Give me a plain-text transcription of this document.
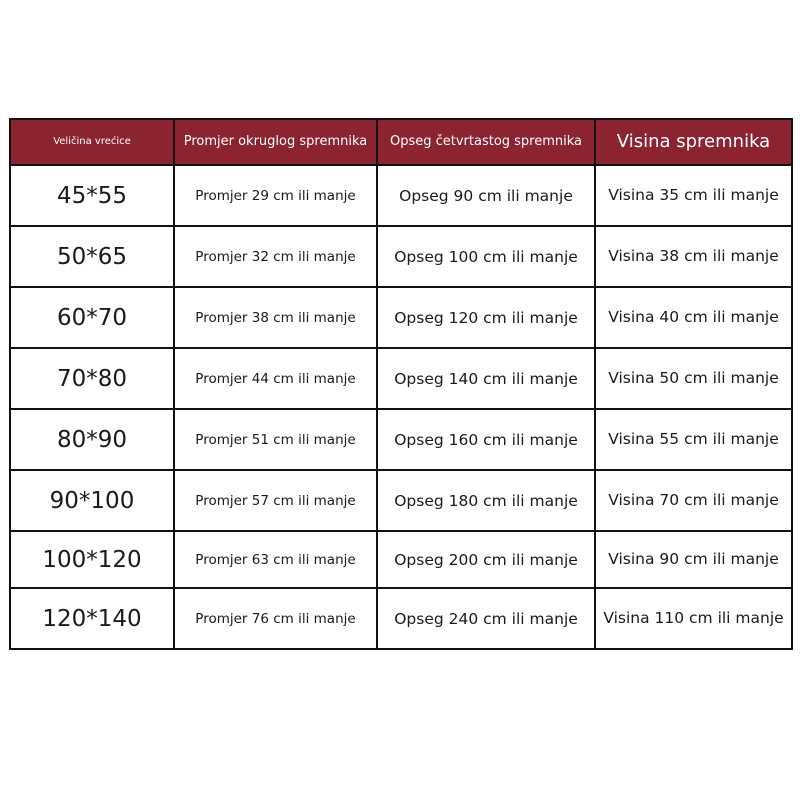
Veličina vrećice	Promjer okruglog spremnika	Opseg četvrtastog spremnika	Visina spremnika
45*55	Promjer 29 cm ili manje	Opseg 90 cm ili manje	Visina 35 cm ili manje
50*65	Promjer 32 cm ili manje	Opseg 100 cm ili manje	Visina 38 cm ili manje
60*70	Promjer 38 cm ili manje	Opseg 120 cm ili manje	Visina 40 cm ili manje
70*80	Promjer 44 cm ili manje	Opseg 140 cm ili manje	Visina 50 cm ili manje
80*90	Promjer 51 cm ili manje	Opseg 160 cm ili manje	Visina 55 cm ili manje
90*100	Promjer 57 cm ili manje	Opseg 180 cm ili manje	Visina 70 cm ili manje
100*120	Promjer 63 cm ili manje	Opseg 200 cm ili manje	Visina 90 cm ili manje
120*140	Promjer 76 cm ili manje	Opseg 240 cm ili manje	Visina 110 cm ili manje
